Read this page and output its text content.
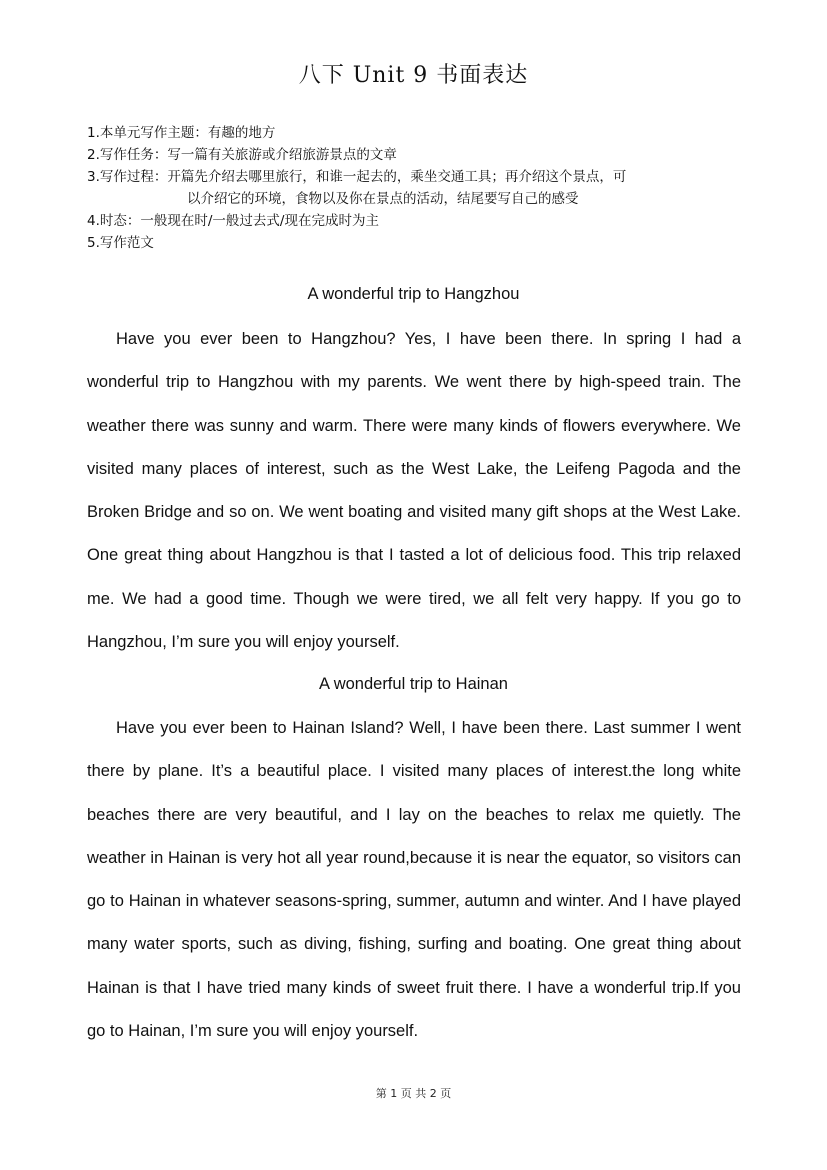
八下 Unit 9 书面表达
1.本单元写作主题：有趣的地方
2.写作任务：写一篇有关旅游或介绍旅游景点的文章
3.写作过程：开篇先介绍去哪里旅行，和谁一起去的，乘坐交通工具；再介绍这个景点，可
以介绍它的环境，食物以及你在景点的活动，结尾要写自己的感受
4.时态：一般现在时/一般过去式/现在完成时为主
5.写作范文
A wonderful trip to Hangzhou

Have you ever been to Hangzhou? Yes, I have been there. In spring I had a wonderful trip to Hangzhou with my parents. We went there by high-speed train. The weather there was sunny and warm. There were many kinds of flowers everywhere. We visited many places of interest, such as the West Lake, the Leifeng Pagoda and the Broken Bridge and so on. We went boating and visited many gift shops at the West Lake. One great thing about Hangzhou is that I tasted a lot of delicious food. This trip relaxed me. We had a good time. Though we were tired, we all felt very happy. If you go to Hangzhou, I’m sure you will enjoy yourself.

A wonderful trip to Hainan

Have you ever been to Hainan Island? Well, I have been there. Last summer I went there by plane. It’s a beautiful place. I visited many places of interest.the long white beaches there are very beautiful, and I lay on the beaches to relax me quietly. The weather in Hainan is very hot all year round,because it is near the equator, so visitors can go to Hainan in whatever seasons-spring, summer, autumn and winter. And I have played many water sports, such as diving, fishing, surfing and boating. One great thing about Hainan is that I have tried many kinds of sweet fruit there. I have a wonderful trip.If you go to Hainan, I’m sure you will enjoy yourself.

第 1 页 共 2 页
